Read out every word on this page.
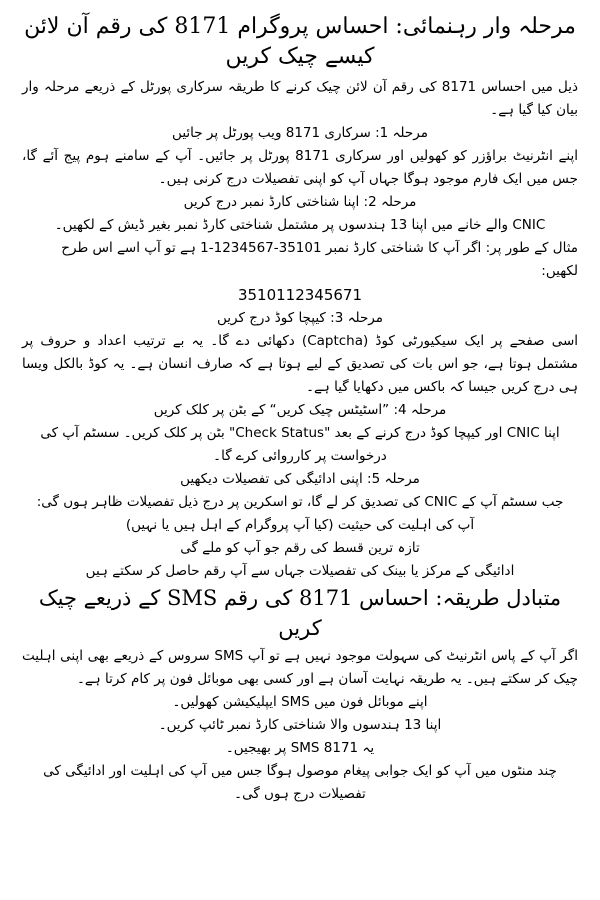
مرحلہ وار رہنمائی: احساس پروگرام 8171 کی رقم آن لائن کیسے چیک کریں

ذیل میں احساس 8171 کی رقم آن لائن چیک کرنے کا طریقہ سرکاری پورٹل کے ذریعے مرحلہ وار بیان کیا گیا ہے۔

مرحلہ 1: سرکاری 8171 ویب پورٹل پر جائیں

اپنے انٹرنیٹ براؤزر کو کھولیں اور سرکاری 8171 پورٹل پر جائیں۔ آپ کے سامنے ہوم پیج آئے گا، جس میں ایک فارم موجود ہوگا جہاں آپ کو اپنی تفصیلات درج کرنی ہیں۔

مرحلہ 2: اپنا شناختی کارڈ نمبر درج کریں

CNIC والے خانے میں اپنا 13 ہندسوں پر مشتمل شناختی کارڈ نمبر بغیر ڈیش کے لکھیں۔

مثال کے طور پر: اگر آپ کا شناختی کارڈ نمبر 35101-1234567-1 ہے تو آپ اسے اس طرح لکھیں:

3510112345671

مرحلہ 3: کیپچا کوڈ درج کریں

اسی صفحے پر ایک سیکیورٹی کوڈ (Captcha) دکھائی دے گا۔ یہ بے ترتیب اعداد و حروف پر مشتمل ہوتا ہے، جو اس بات کی تصدیق کے لیے ہوتا ہے کہ صارف انسان ہے۔ یہ کوڈ بالکل ویسا ہی درج کریں جیسا کہ باکس میں دکھایا گیا ہے۔

مرحلہ 4: ”اسٹیٹس چیک کریں“ کے بٹن پر کلک کریں

اپنا CNIC اور کیپچا کوڈ درج کرنے کے بعد "Check Status" بٹن پر کلک کریں۔ سسٹم آپ کی درخواست پر کارروائی کرے گا۔

مرحلہ 5: اپنی ادائیگی کی تفصیلات دیکھیں

جب سسٹم آپ کے CNIC کی تصدیق کر لے گا، تو اسکرین پر درج ذیل تفصیلات ظاہر ہوں گی:

آپ کی اہلیت کی حیثیت (کیا آپ پروگرام کے اہل ہیں یا نہیں)

تازہ ترین قسط کی رقم جو آپ کو ملے گی

ادائیگی کے مرکز یا بینک کی تفصیلات جہاں سے آپ رقم حاصل کر سکتے ہیں

متبادل طریقہ: احساس 8171 کی رقم SMS کے ذریعے چیک کریں

اگر آپ کے پاس انٹرنیٹ کی سہولت موجود نہیں ہے تو آپ SMS سروس کے ذریعے بھی اپنی اہلیت چیک کر سکتے ہیں۔ یہ طریقہ نہایت آسان ہے اور کسی بھی موبائل فون پر کام کرتا ہے۔

اپنے موبائل فون میں SMS ایپلیکیشن کھولیں۔

اپنا 13 ہندسوں والا شناختی کارڈ نمبر ٹائپ کریں۔

یہ SMS 8171 پر بھیجیں۔

چند منٹوں میں آپ کو ایک جوابی پیغام موصول ہوگا جس میں آپ کی اہلیت اور ادائیگی کی تفصیلات درج ہوں گی۔
